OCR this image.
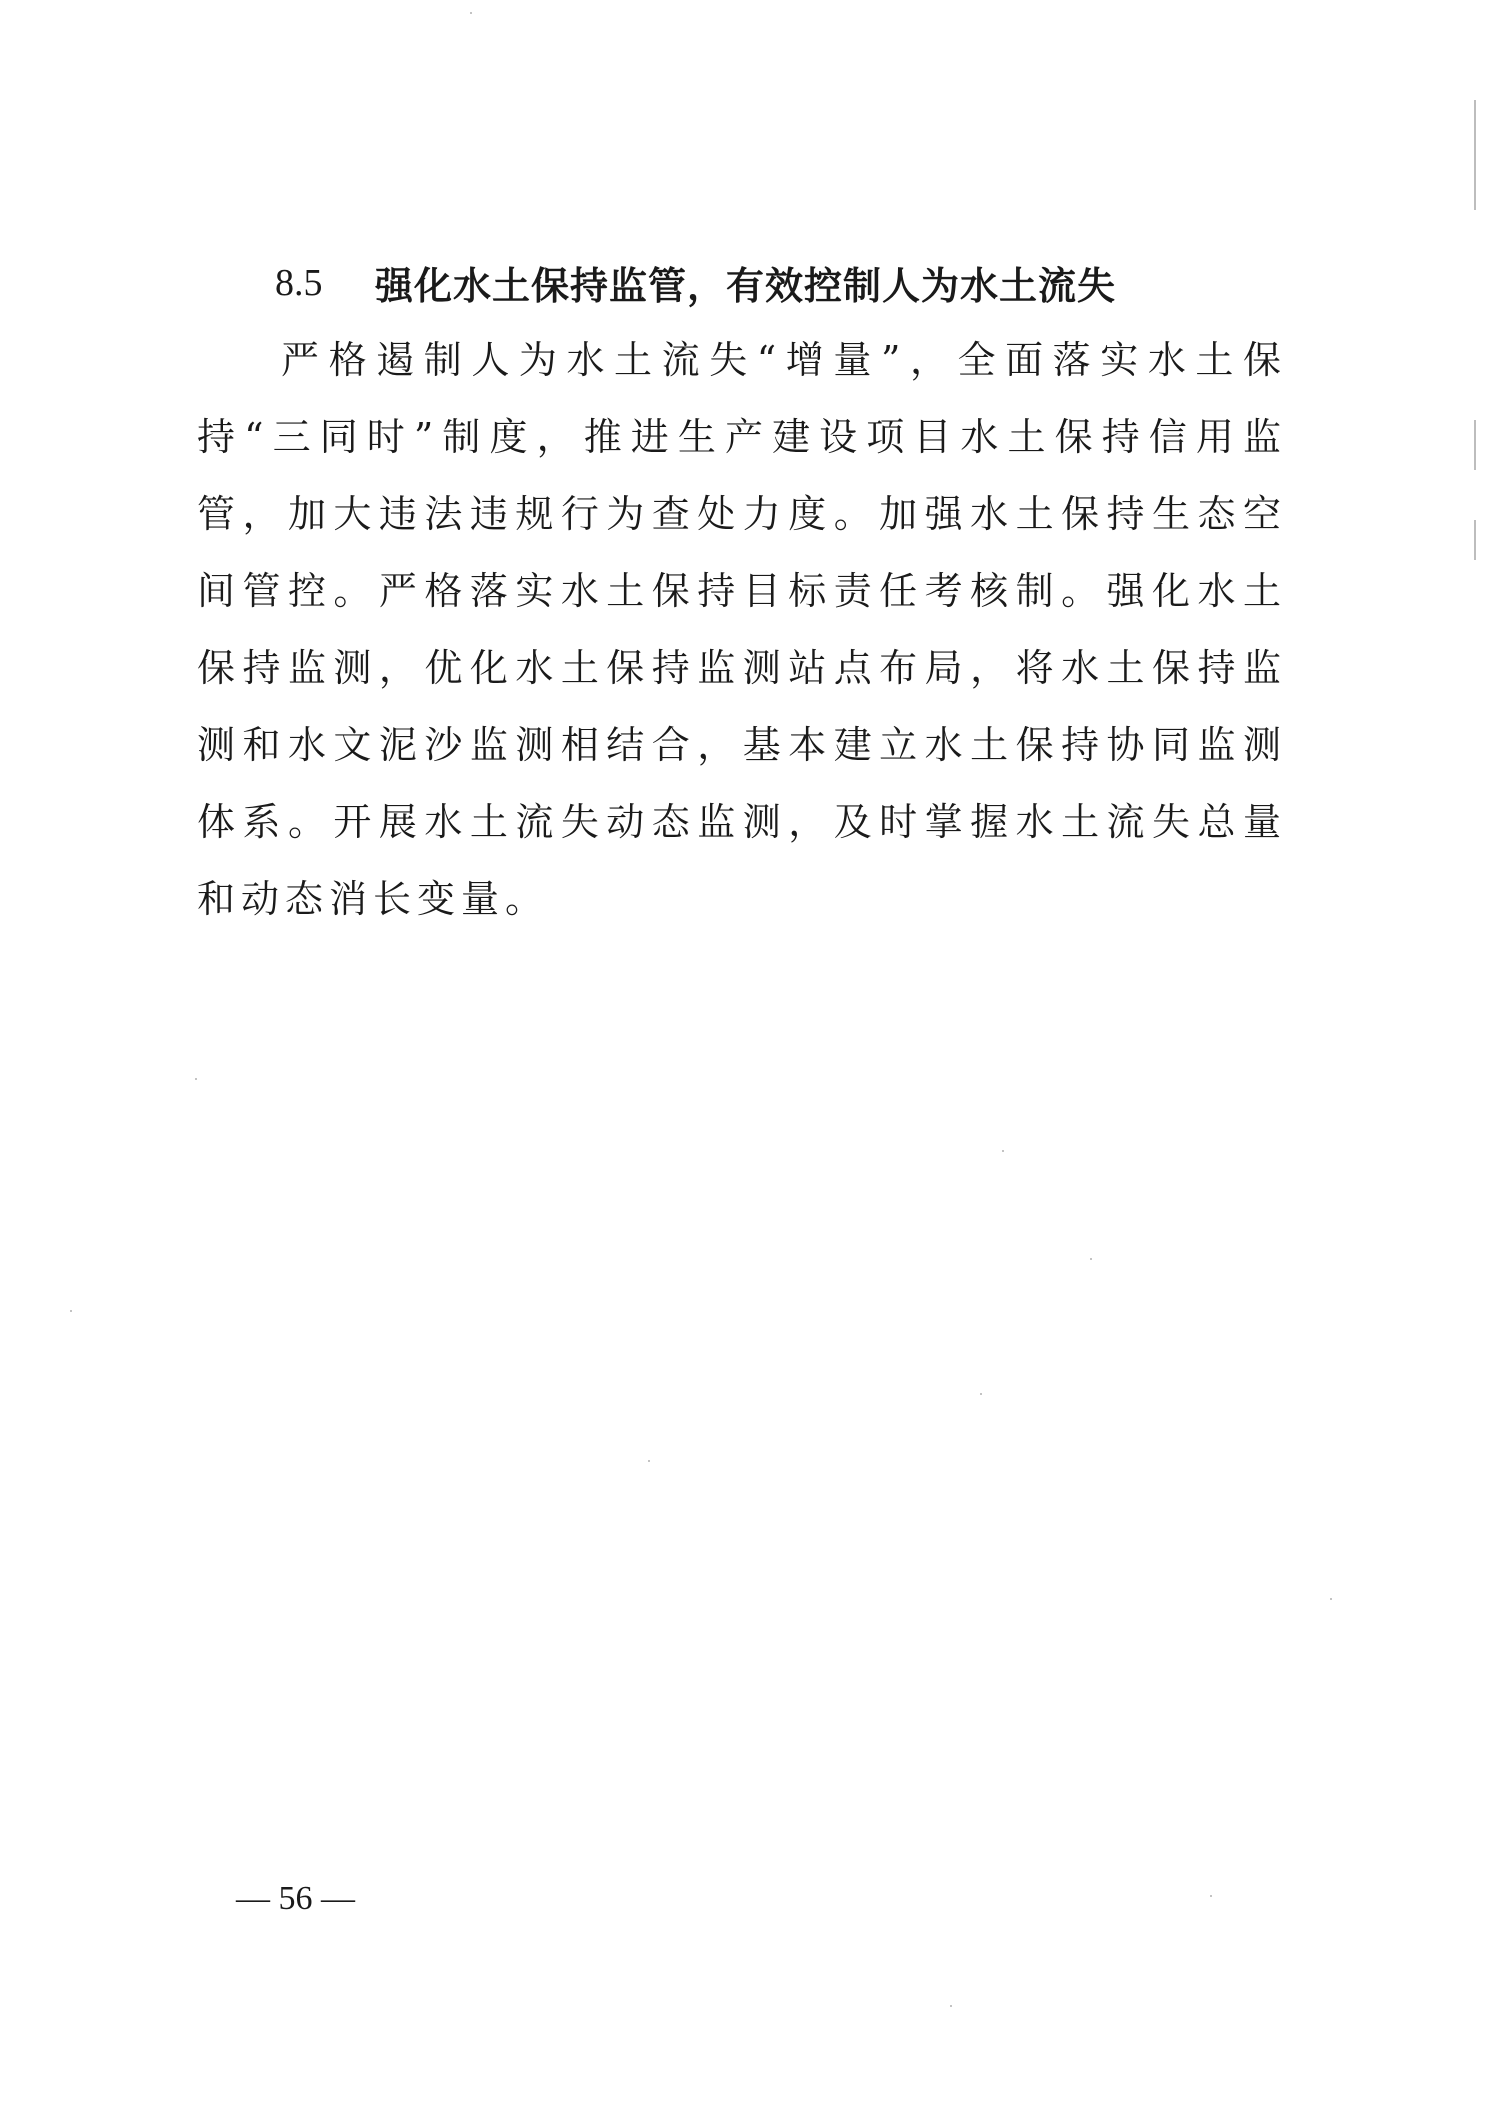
8.5 强化水土保持监管，有效控制人为水土流失

严格遏制人为水土流失“增量”，全面落实水土保持“三同时”制度，推进生产建设项目水土保持信用监管，加大违法违规行为查处力度。加强水土保持生态空间管控。严格落实水土保持目标责任考核制。强化水土保持监测，优化水土保持监测站点布局，将水土保持监测和水文泥沙监测相结合，基本建立水土保持协同监测体系。开展水土流失动态监测，及时掌握水土流失总量和动态消长变量。

— 56 —
